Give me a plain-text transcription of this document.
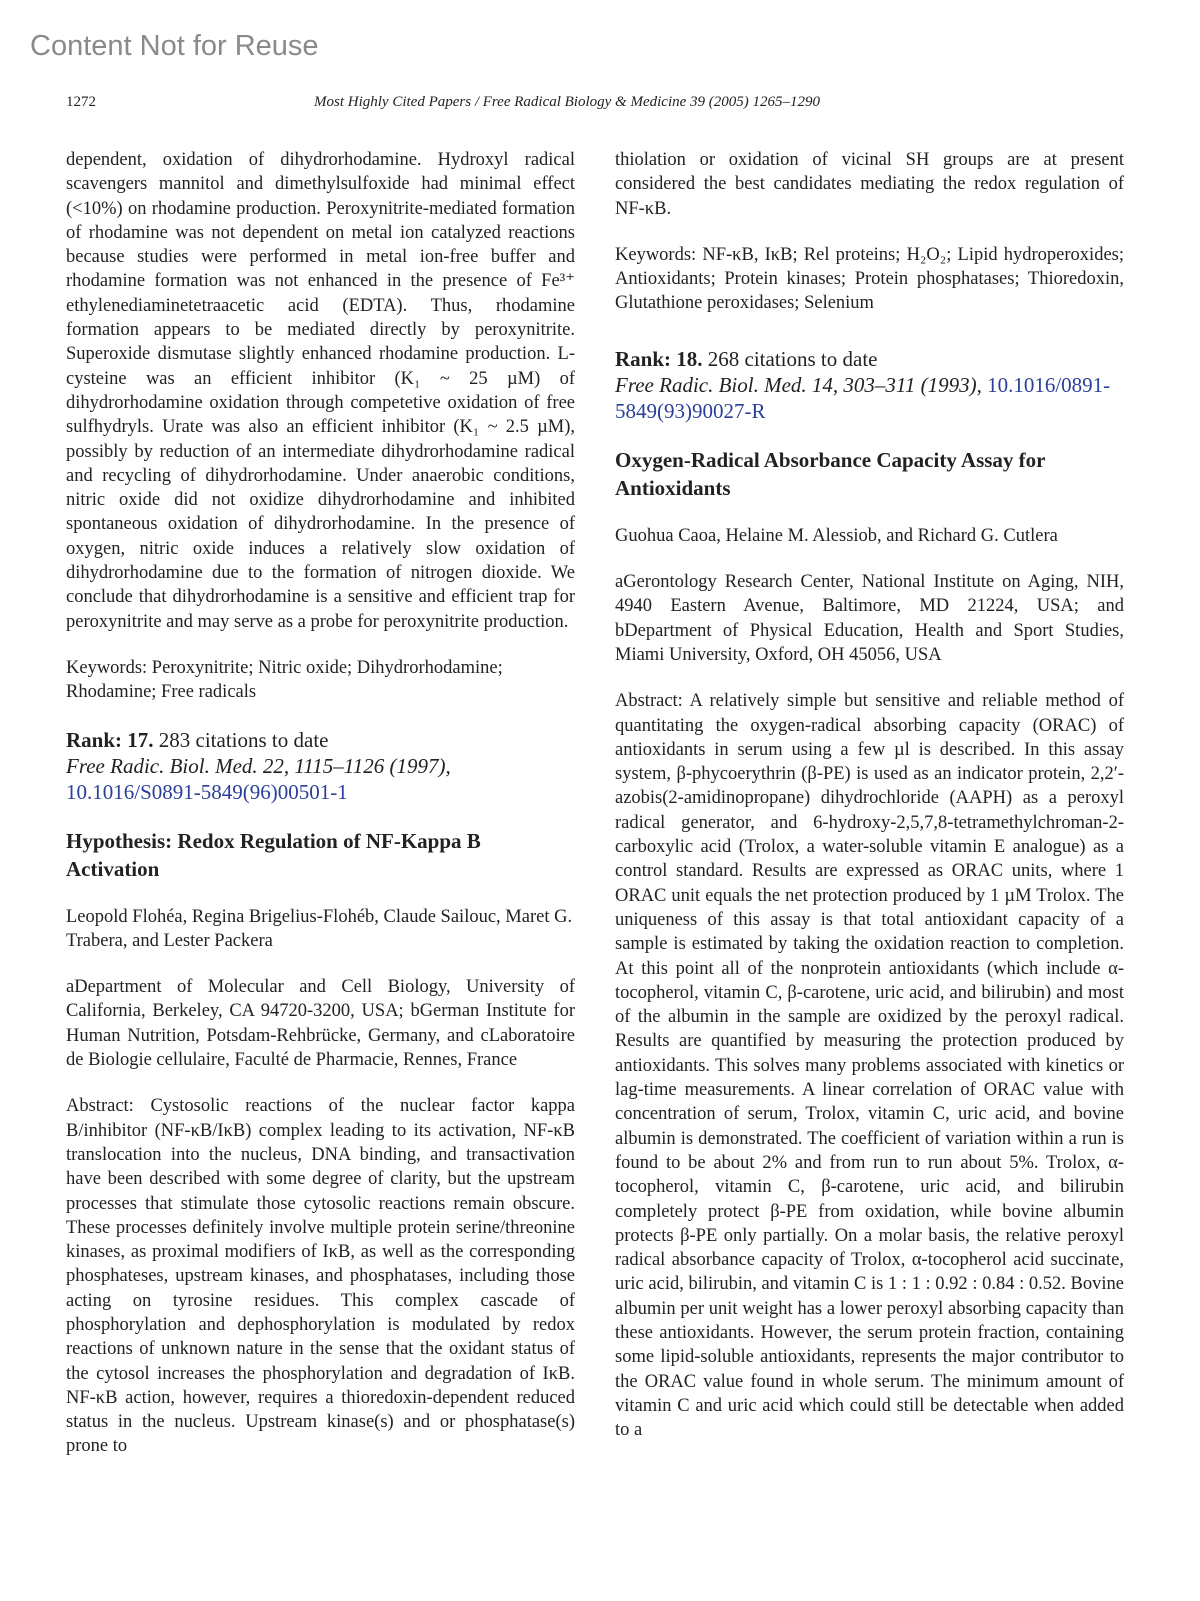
Content Not for Reuse
1272	Most Highly Cited Papers / Free Radical Biology & Medicine 39 (2005) 1265–1290

dependent, oxidation of dihydrorhodamine. Hydroxyl radical scavengers mannitol and dimethylsulfoxide had minimal effect (<10%) on rhodamine production. Peroxynitrite-mediated formation of rhodamine was not dependent on metal ion catalyzed reactions because studies were performed in metal ion-free buffer and rhodamine formation was not enhanced in the presence of Fe³⁺ ethylenediaminetetraacetic acid (EDTA). Thus, rhodamine formation appears to be mediated directly by peroxynitrite. Superoxide dismutase slightly enhanced rhodamine production. L-cysteine was an efficient inhibitor (K₁ ~ 25 µM) of dihydrorhodamine oxidation through competetive oxidation of free sulfhydryls. Urate was also an efficient inhibitor (K₁ ~ 2.5 µM), possibly by reduction of an intermediate dihydrorhodamine radical and recycling of dihydrorhodamine. Under anaerobic conditions, nitric oxide did not oxidize dihydrorhodamine and inhibited spontaneous oxidation of dihydrorhodamine. In the presence of oxygen, nitric oxide induces a relatively slow oxidation of dihydrorhodamine due to the formation of nitrogen dioxide. We conclude that dihydrorhodamine is a sensitive and efficient trap for peroxynitrite and may serve as a probe for peroxynitrite production.

Keywords: Peroxynitrite; Nitric oxide; Dihydrorhodamine; Rhodamine; Free radicals

Rank: 17. 283 citations to date

Free Radic. Biol. Med. 22, 1115–1126 (1997), 10.1016/S0891-5849(96)00501-1

Hypothesis: Redox Regulation of NF-Kappa B Activation

Leopold Flohéa, Regina Brigelius-Flohéb, Claude Sailouc, Maret G. Trabera, and Lester Packera

aDepartment of Molecular and Cell Biology, University of California, Berkeley, CA 94720-3200, USA; bGerman Institute for Human Nutrition, Potsdam-Rehbrücke, Germany, and cLaboratoire de Biologie cellulaire, Faculté de Pharmacie, Rennes, France

Abstract: Cystosolic reactions of the nuclear factor kappa B/inhibitor (NF-κB/IκB) complex leading to its activation, NF-κB translocation into the nucleus, DNA binding, and transactivation have been described with some degree of clarity, but the upstream processes that stimulate those cytosolic reactions remain obscure. These processes definitely involve multiple protein serine/threonine kinases, as proximal modifiers of IκB, as well as the corresponding phosphateses, upstream kinases, and phosphatases, including those acting on tyrosine residues. This complex cascade of phosphorylation and dephosphorylation is modulated by redox reactions of unknown nature in the sense that the oxidant status of the cytosol increases the phosphorylation and degradation of IκB. NF-κB action, however, requires a thioredoxin-dependent reduced status in the nucleus. Upstream kinase(s) and or phosphatase(s) prone to

thiolation or oxidation of vicinal SH groups are at present considered the best candidates mediating the redox regulation of NF-κB.

Keywords: NF-κB, IκB; Rel proteins; H₂O₂; Lipid hydroperoxides; Antioxidants; Protein kinases; Protein phosphatases; Thioredoxin, Glutathione peroxidases; Selenium

Rank: 18. 268 citations to date

Free Radic. Biol. Med. 14, 303–311 (1993), 10.1016/0891-5849(93)90027-R

Oxygen-Radical Absorbance Capacity Assay for Antioxidants

Guohua Caoa, Helaine M. Alessiob, and Richard G. Cutlera

aGerontology Research Center, National Institute on Aging, NIH, 4940 Eastern Avenue, Baltimore, MD 21224, USA; and bDepartment of Physical Education, Health and Sport Studies, Miami University, Oxford, OH 45056, USA

Abstract: A relatively simple but sensitive and reliable method of quantitating the oxygen-radical absorbing capacity (ORAC) of antioxidants in serum using a few µl is described. In this assay system, β-phycoerythrin (β-PE) is used as an indicator protein, 2,2′-azobis(2-amidinopropane) dihydrochloride (AAPH) as a peroxyl radical generator, and 6-hydroxy-2,5,7,8-tetramethylchroman-2-carboxylic acid (Trolox, a water-soluble vitamin E analogue) as a control standard. Results are expressed as ORAC units, where 1 ORAC unit equals the net protection produced by 1 µM Trolox. The uniqueness of this assay is that total antioxidant capacity of a sample is estimated by taking the oxidation reaction to completion. At this point all of the nonprotein antioxidants (which include α-tocopherol, vitamin C, β-carotene, uric acid, and bilirubin) and most of the albumin in the sample are oxidized by the peroxyl radical. Results are quantified by measuring the protection produced by antioxidants. This solves many problems associated with kinetics or lag-time measurements. A linear correlation of ORAC value with concentration of serum, Trolox, vitamin C, uric acid, and bovine albumin is demonstrated. The coefficient of variation within a run is found to be about 2% and from run to run about 5%. Trolox, α-tocopherol, vitamin C, β-carotene, uric acid, and bilirubin completely protect β-PE from oxidation, while bovine albumin protects β-PE only partially. On a molar basis, the relative peroxyl radical absorbance capacity of Trolox, α-tocopherol acid succinate, uric acid, bilirubin, and vitamin C is 1 : 1 : 0.92 : 0.84 : 0.52. Bovine albumin per unit weight has a lower peroxyl absorbing capacity than these antioxidants. However, the serum protein fraction, containing some lipid-soluble antioxidants, represents the major contributor to the ORAC value found in whole serum. The minimum amount of vitamin C and uric acid which could still be detectable when added to a
